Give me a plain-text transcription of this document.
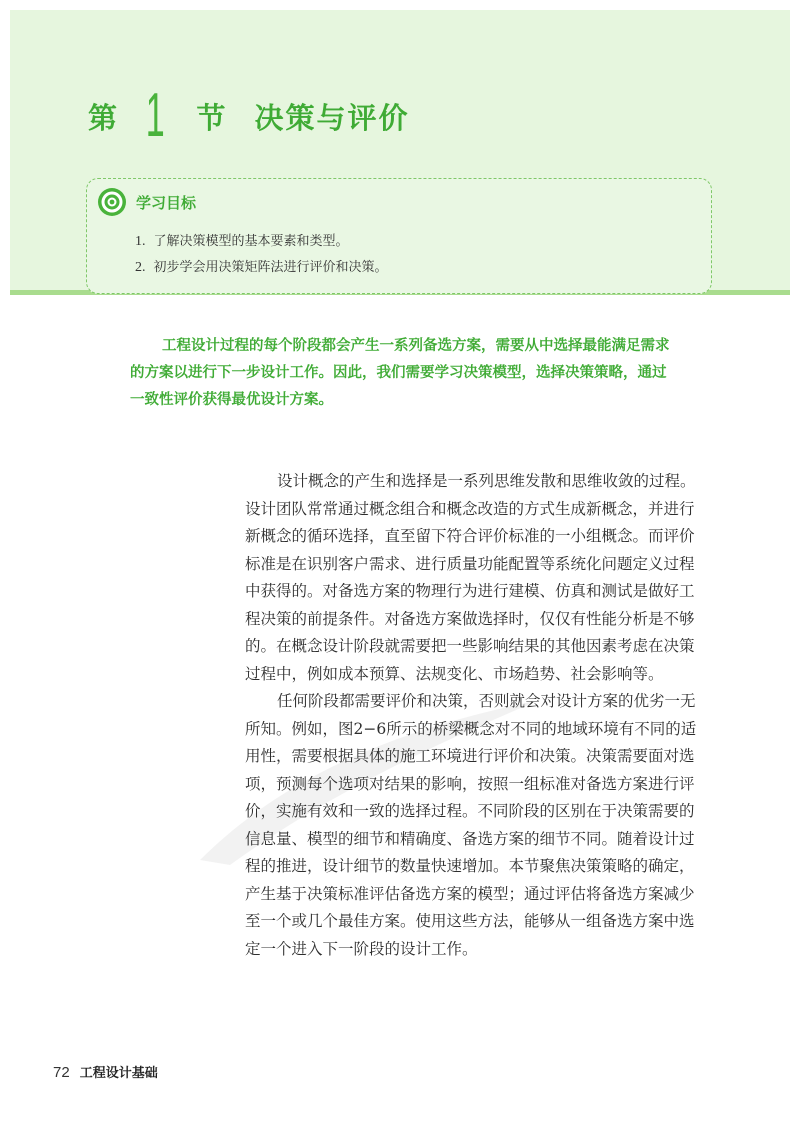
第 1 节 决策与评价
学习目标
1. 了解决策模型的基本要素和类型。
2. 初步学会用决策矩阵法进行评价和决策。
工程设计过程的每个阶段都会产生一系列备选方案，需要从中选择最能满足需求
的方案以进行下一步设计工作。因此，我们需要学习决策模型，选择决策策略，通过
一致性评价获得最优设计方案。
设计概念的产生和选择是一系列思维发散和思维收敛的过程。
设计团队常常通过概念组合和概念改造的方式生成新概念，并进行
新概念的循环选择，直至留下符合评价标准的一小组概念。而评价
标准是在识别客户需求、进行质量功能配置等系统化问题定义过程
中获得的。对备选方案的物理行为进行建模、仿真和测试是做好工
程决策的前提条件。对备选方案做选择时，仅仅有性能分析是不够
的。在概念设计阶段就需要把一些影响结果的其他因素考虑在决策
过程中，例如成本预算、法规变化、市场趋势、社会影响等。
任何阶段都需要评价和决策，否则就会对设计方案的优劣一无
所知。例如，图2−6所示的桥梁概念对不同的地域环境有不同的适
用性，需要根据具体的施工环境进行评价和决策。决策需要面对选
项，预测每个选项对结果的影响，按照一组标准对备选方案进行评
价，实施有效和一致的选择过程。不同阶段的区别在于决策需要的
信息量、模型的细节和精确度、备选方案的细节不同。随着设计过
程的推进，设计细节的数量快速增加。本节聚焦决策策略的确定，
产生基于决策标准评估备选方案的模型；通过评估将备选方案减少
至一个或几个最佳方案。使用这些方法，能够从一组备选方案中选
定一个进入下一阶段的设计工作。
72 工程设计基础
